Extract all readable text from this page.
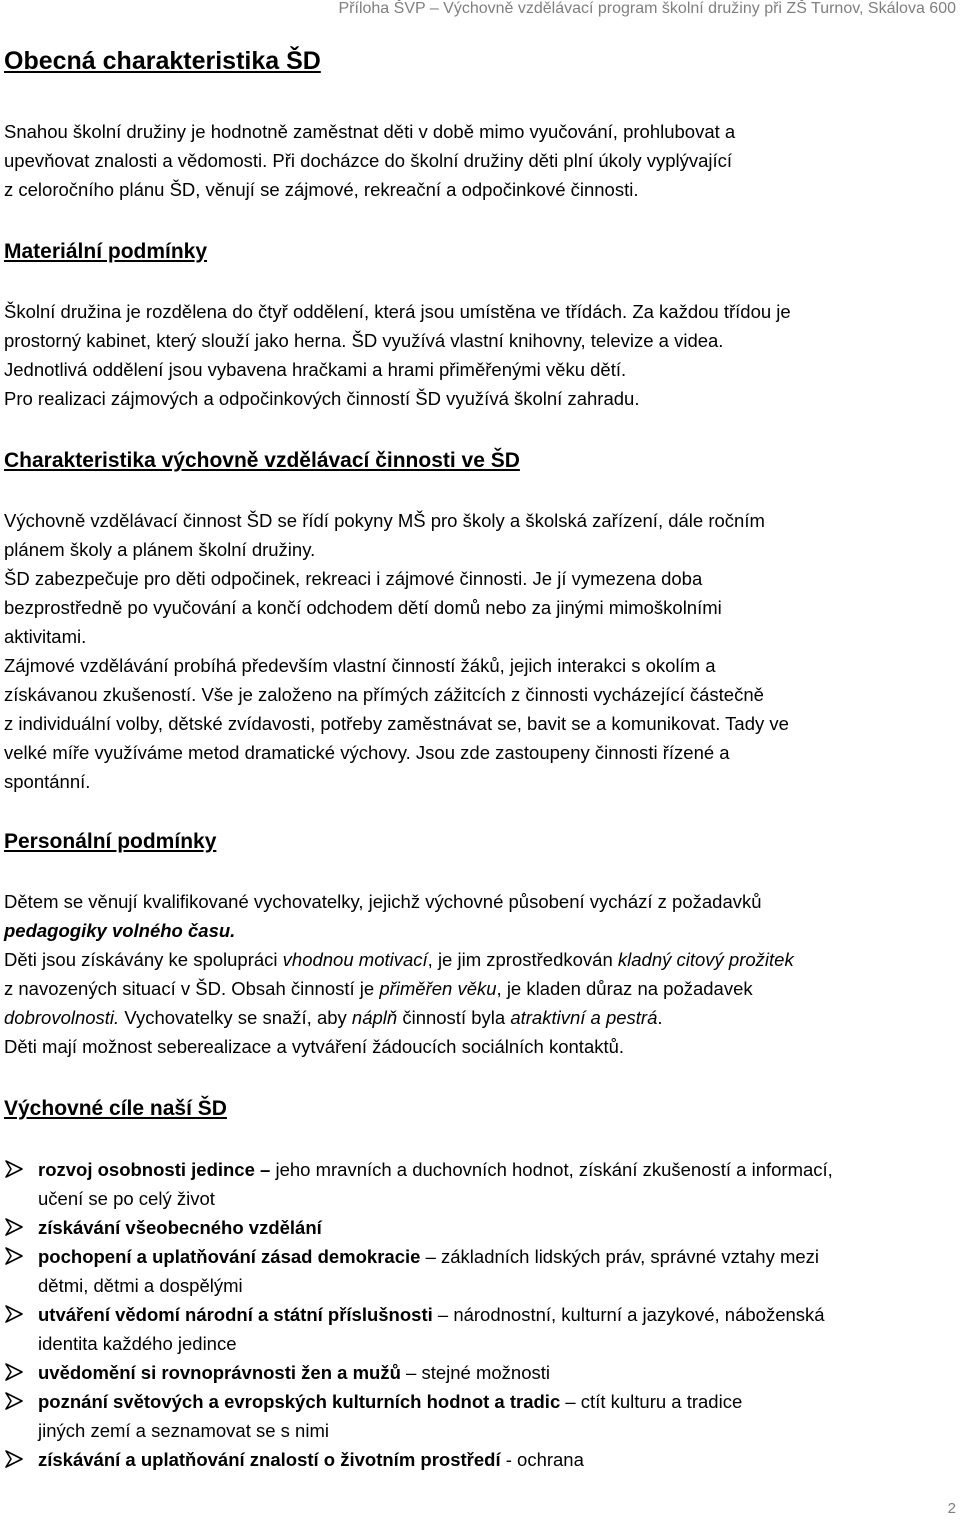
Příloha ŠVP – Výchovně vzdělávací program školní družiny při ZŠ Turnov, Skálova 600
Obecná charakteristika ŠD

Snahou školní družiny je hodnotně zaměstnat děti v době mimo vyučování, prohlubovat a
upevňovat znalosti a vědomosti. Při docházce do školní družiny děti plní úkoly vyplývající
z celoročního plánu ŠD, věnují se zájmové, rekreační a odpočinkové činnosti.

Materiální podmínky

Školní družina je rozdělena do čtyř oddělení, která jsou umístěna ve třídách. Za každou třídou je
prostorný kabinet, který slouží jako herna. ŠD využívá vlastní knihovny, televize a videa.
Jednotlivá oddělení jsou vybavena hračkami a hrami přiměřenými věku dětí.
Pro realizaci zájmových a odpočinkových činností ŠD využívá školní zahradu.

Charakteristika výchovně vzdělávací činnosti ve ŠD

Výchovně vzdělávací činnost ŠD se řídí pokyny MŠ pro školy a školská zařízení, dále ročním
plánem školy a plánem školní družiny.
ŠD zabezpečuje pro děti odpočinek, rekreaci i zájmové činnosti. Je jí vymezena doba
bezprostředně po vyučování a končí odchodem dětí domů nebo za jinými mimoškolními
aktivitami.
Zájmové vzdělávání probíhá především vlastní činností žáků, jejich interakci s okolím a
získávanou zkušeností. Vše je založeno na přímých zážitcích z činnosti vycházející částečně
z individuální volby, dětské zvídavosti, potřeby zaměstnávat se, bavit se a komunikovat. Tady ve
velké míře využíváme metod dramatické výchovy. Jsou zde zastoupeny činnosti řízené a
spontánní.

Personální podmínky

Dětem se věnují kvalifikované vychovatelky, jejichž výchovné působení vychází z požadavků
pedagogiky volného času.
Děti jsou získávány ke spolupráci vhodnou motivací, je jim zprostředkován kladný citový prožitek
z navozených situací v ŠD. Obsah činností je přiměřen věku, je kladen důraz na požadavek
dobrovolnosti. Vychovatelky se snaží, aby náplň činností byla atraktivní a pestrá.
Děti mají možnost seberealizace a vytváření žádoucích sociálních kontaktů.

Výchovné cíle naší ŠD
rozvoj osobnosti jedince – jeho mravních a duchovních hodnot, získání zkušeností a informací,
učení se po celý život
získávání všeobecného vzdělání
pochopení a uplatňování zásad demokracie – základních lidských práv, správné vztahy mezi
dětmi, dětmi a dospělými
utváření vědomí národní a státní příslušnosti – národnostní, kulturní a jazykové, náboženská
identita každého jedince
uvědomění si rovnoprávnosti žen a mužů – stejné možnosti
poznání světových a evropských kulturních hodnot a tradic – ctít kulturu a tradice
jiných zemí a seznamovat se s nimi
získávání a uplatňování znalostí o životním prostředí - ochrana
2
